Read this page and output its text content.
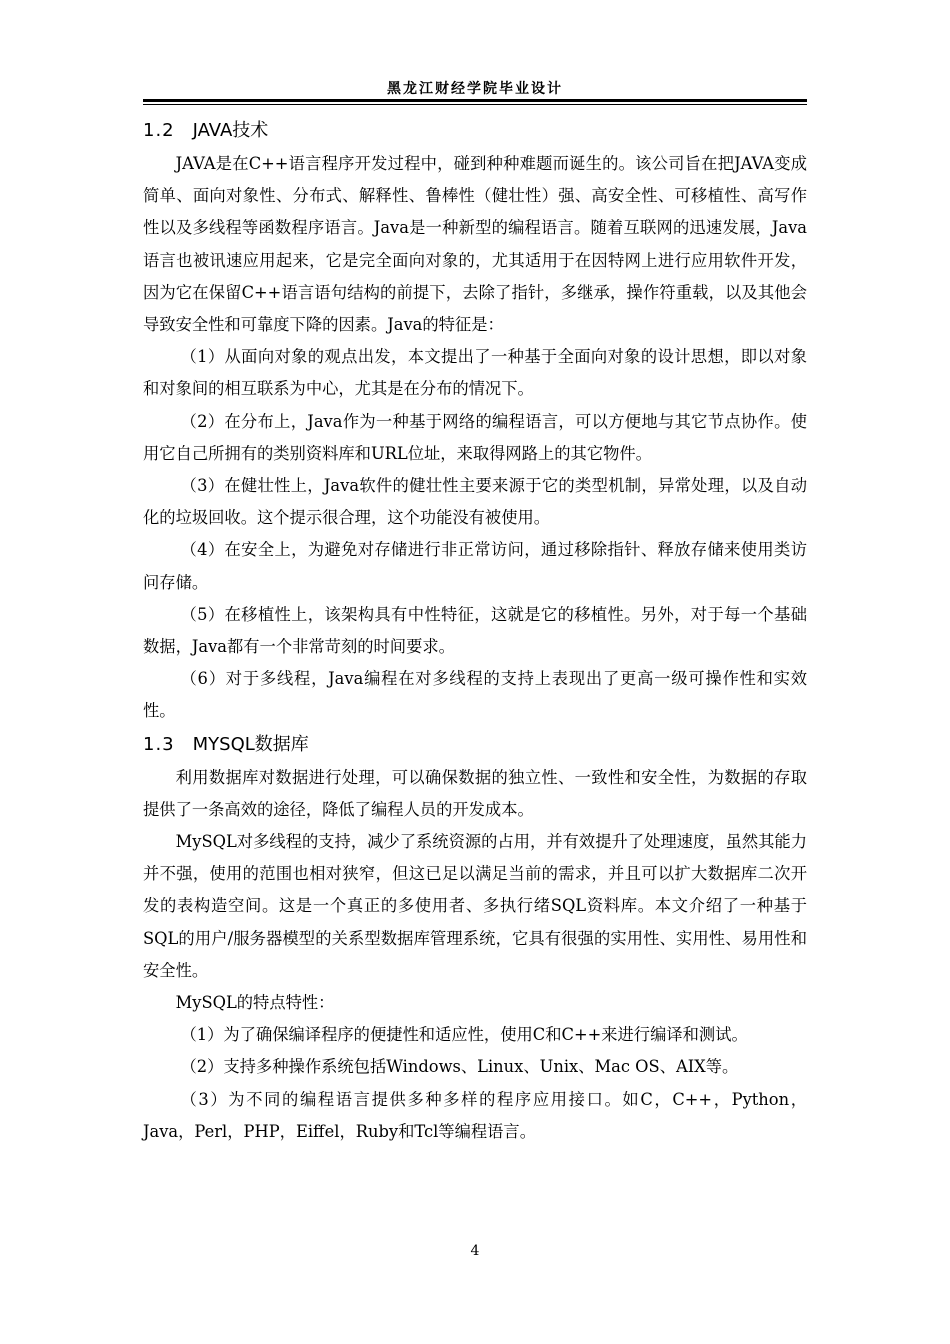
黑龙江财经学院毕业设计
1.2 JAVA技术

JAVA是在C++语言程序开发过程中，碰到种种难题而诞生的。该公司旨在把JAVA变成简单、面向对象性、分布式、解释性、鲁棒性（健壮性）强、高安全性、可移植性、高写作性以及多线程等函数程序语言。Java是一种新型的编程语言。随着互联网的迅速发展，Java语言也被讯速应用起来，它是完全面向对象的，尤其适用于在因特网上进行应用软件开发，因为它在保留C++语言语句结构的前提下，去除了指针，多继承，操作符重载，以及其他会导致安全性和可靠度下降的因素。Java的特征是：

（1）从面向对象的观点出发，本文提出了一种基于全面向对象的设计思想，即以对象和对象间的相互联系为中心，尤其是在分布的情况下。

（2）在分布上，Java作为一种基于网络的编程语言，可以方便地与其它节点协作。使用它自己所拥有的类别资料库和URL位址，来取得网路上的其它物件。

（3）在健壮性上，Java软件的健壮性主要来源于它的类型机制，异常处理，以及自动化的垃圾回收。这个提示很合理，这个功能没有被使用。

（4）在安全上，为避免对存储进行非正常访问，通过移除指针、释放存储来使用类访问存储。

（5）在移植性上，该架构具有中性特征，这就是它的移植性。另外，对于每一个基础数据，Java都有一个非常苛刻的时间要求。

（6）对于多线程，Java编程在对多线程的支持上表现出了更高一级可操作性和实效性。

1.3 MYSQL数据库

利用数据库对数据进行处理，可以确保数据的独立性、一致性和安全性，为数据的存取提供了一条高效的途径，降低了编程人员的开发成本。

MySQL对多线程的支持，减少了系统资源的占用，并有效提升了处理速度，虽然其能力并不强，使用的范围也相对狭窄，但这已足以满足当前的需求，并且可以扩大数据库二次开发的表构造空间。这是一个真正的多使用者、多执行绪SQL资料库。本文介绍了一种基于SQL的用户/服务器模型的关系型数据库管理系统，它具有很强的实用性、实用性、易用性和安全性。

MySQL的特点特性：

（1）为了确保编译程序的便捷性和适应性，使用C和C++来进行编译和测试。

（2）支持多种操作系统包括Windows、Linux、Unix、Mac OS、AIX等。

（3）为不同的编程语言提供多种多样的程序应用接口。如C，C++，Python，Java，Perl，PHP，Eiffel，Ruby和Tcl等编程语言。

4
